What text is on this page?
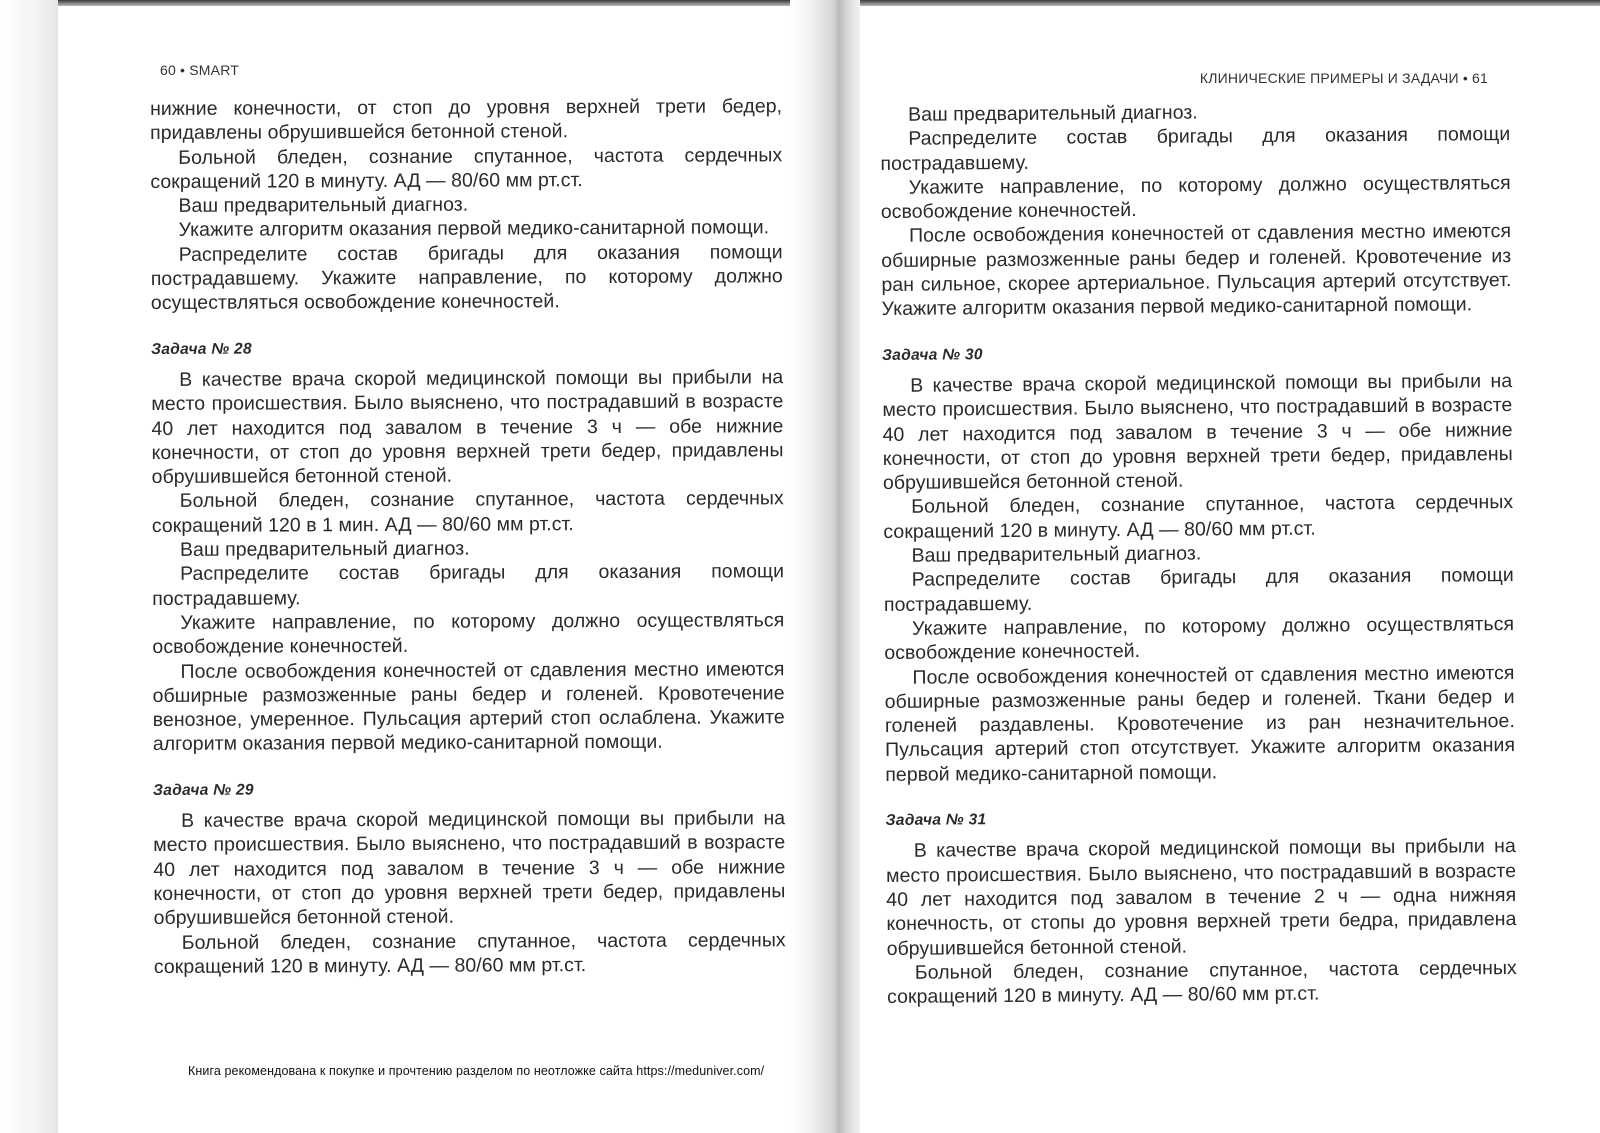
60 • SMART

нижние конечности, от стоп до уровня верхней трети бедер, придавлены обрушившейся бетонной стеной.

Больной бледен, сознание спутанное, частота сердечных сокращений 120 в минуту. АД — 80/60 мм рт.ст.

Ваш предварительный диагноз.

Укажите алгоритм оказания первой медико-санитарной помощи.

Распределите состав бригады для оказания помощи пострадавшему. Укажите направление, по которому должно осуществляться освобождение конечностей.

Задача № 28

В качестве врача скорой медицинской помощи вы прибыли на место происшествия. Было выяснено, что пострадавший в возрасте 40 лет находится под завалом в течение 3 ч — обе нижние конечности, от стоп до уровня верхней трети бедер, придавлены обрушившейся бетонной стеной.

Больной бледен, сознание спутанное, частота сердечных сокращений 120 в 1 мин. АД — 80/60 мм рт.ст.

Ваш предварительный диагноз.

Распределите состав бригады для оказания помощи пострадавшему.

Укажите направление, по которому должно осуществляться освобождение конечностей.

После освобождения конечностей от сдавления местно имеются обширные размозженные раны бедер и голеней. Кровотечение венозное, умеренное. Пульсация артерий стоп ослаблена. Укажите алгоритм оказания первой медико-санитарной помощи.

Задача № 29

В качестве врача скорой медицинской помощи вы прибыли на место происшествия. Было выяснено, что пострадавший в возрасте 40 лет находится под завалом в течение 3 ч — обе нижние конечности, от стоп до уровня верхней трети бедер, придавлены обрушившейся бетонной стеной.

Больной бледен, сознание спутанное, частота сердечных сокращений 120 в минуту. АД — 80/60 мм рт.ст.

КЛИНИЧЕСКИЕ ПРИМЕРЫ И ЗАДАЧИ • 61

Ваш предварительный диагноз.

Распределите состав бригады для оказания помощи пострадавшему.

Укажите направление, по которому должно осуществляться освобождение конечностей.

После освобождения конечностей от сдавления местно имеются обширные размозженные раны бедер и голеней. Кровотечение из ран сильное, скорее артериальное. Пульсация артерий отсутствует. Укажите алгоритм оказания первой медико-санитарной помощи.

Задача № 30

В качестве врача скорой медицинской помощи вы прибыли на место происшествия. Было выяснено, что пострадавший в возрасте 40 лет находится под завалом в течение 3 ч — обе нижние конечности, от стоп до уровня верхней трети бедер, придавлены обрушившейся бетонной стеной.

Больной бледен, сознание спутанное, частота сердечных сокращений 120 в минуту. АД — 80/60 мм рт.ст.

Ваш предварительный диагноз.

Распределите состав бригады для оказания помощи пострадавшему.

Укажите направление, по которому должно осуществляться освобождение конечностей.

После освобождения конечностей от сдавления местно имеются обширные размозженные раны бедер и голеней. Ткани бедер и голеней раздавлены. Кровотечение из ран незначительное. Пульсация артерий стоп отсутствует. Укажите алгоритм оказания первой медико-санитарной помощи.

Задача № 31

В качестве врача скорой медицинской помощи вы прибыли на место происшествия. Было выяснено, что пострадавший в возрасте 40 лет находится под завалом в течение 2 ч — одна нижняя конечность, от стопы до уровня верхней трети бедра, придавлена обрушившейся бетонной стеной.

Больной бледен, сознание спутанное, частота сердечных сокращений 120 в минуту. АД — 80/60 мм рт.ст.

Книга рекомендована к покупке и прочтению разделом по неотложке сайта https://meduniver.com/
